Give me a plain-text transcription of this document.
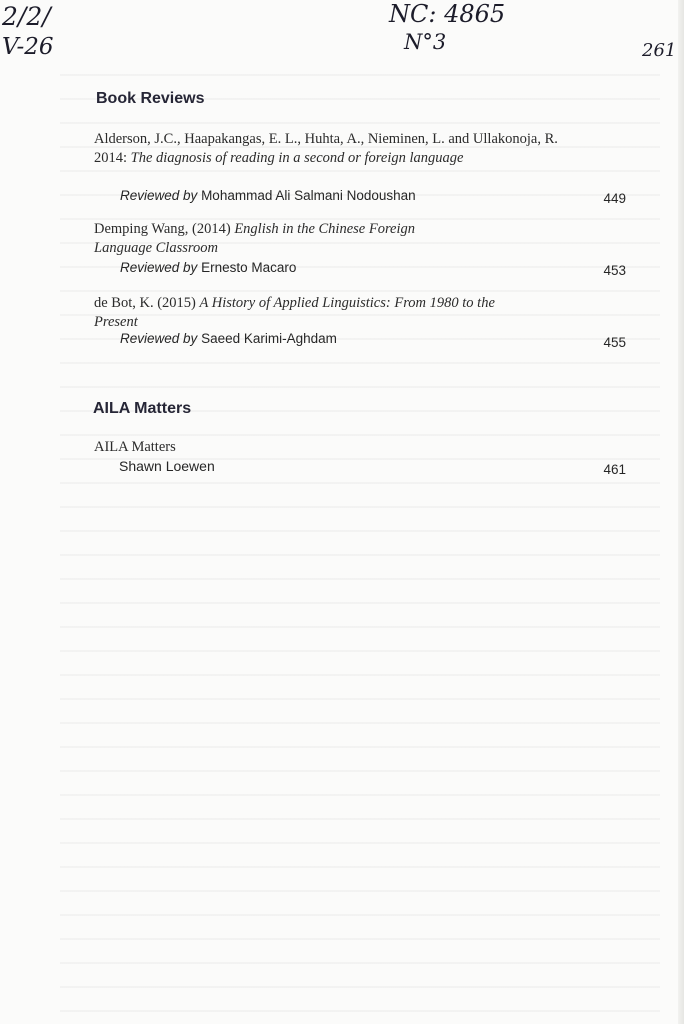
2/2/
V-26
NC: 4865
N°3	261
Book Reviews
Alderson, J.C., Haapakangas, E. L., Huhta, A., Nieminen, L. and Ullakonoja, R. 2014: The diagnosis of reading in a second or foreign language
Reviewed by Mohammad Ali Salmani Nodoushan	449
Demping Wang, (2014) English in the Chinese Foreign Language Classroom
Reviewed by Ernesto Macaro	453
de Bot, K. (2015) A History of Applied Linguistics: From 1980 to the Present
Reviewed by Saeed Karimi-Aghdam	455
AILA Matters
AILA Matters
Shawn Loewen	461
